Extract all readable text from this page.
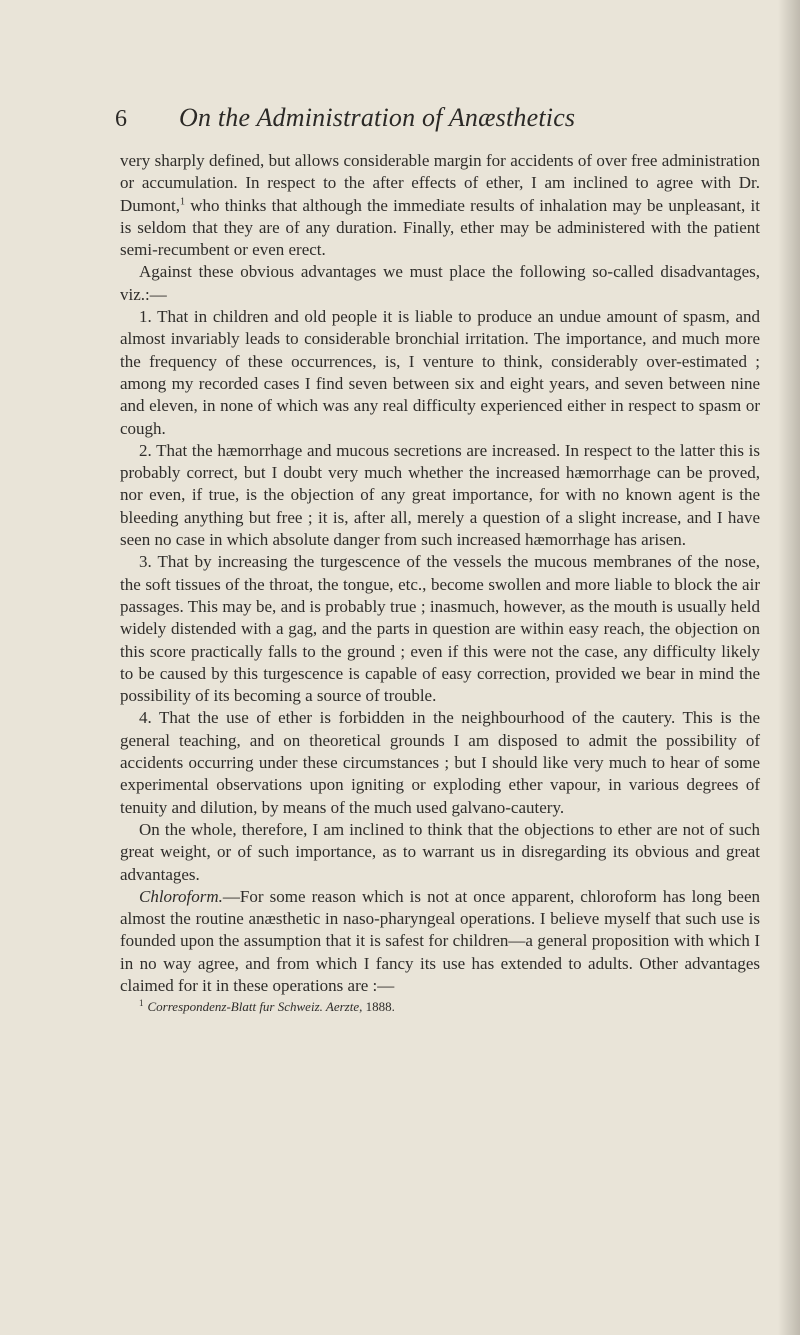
6 On the Administration of Anæsthetics

very sharply defined, but allows considerable margin for accidents of over free administration or accumulation. In respect to the after effects of ether, I am inclined to agree with Dr. Dumont,$^1$ who thinks that although the immediate results of inhalation may be unpleasant, it is seldom that they are of any duration. Finally, ether may be administered with the patient semi-recumbent or even erect.

Against these obvious advantages we must place the following so-called disadvantages, viz.:—

1. That in children and old people it is liable to produce an undue amount of spasm, and almost invariably leads to considerable bronchial irritation. The importance, and much more the frequency of these occurrences, is, I venture to think, considerably over-estimated ; among my recorded cases I find seven between six and eight years, and seven between nine and eleven, in none of which was any real difficulty experienced either in respect to spasm or cough.

2. That the hæmorrhage and mucous secretions are increased. In respect to the latter this is probably correct, but I doubt very much whether the increased hæmorrhage can be proved, nor even, if true, is the objection of any great importance, for with no known agent is the bleeding anything but free ; it is, after all, merely a question of a slight increase, and I have seen no case in which absolute danger from such increased hæmorrhage has arisen.

3. That by increasing the turgescence of the vessels the mucous membranes of the nose, the soft tissues of the throat, the tongue, etc., become swollen and more liable to block the air passages. This may be, and is probably true ; inasmuch, however, as the mouth is usually held widely distended with a gag, and the parts in question are within easy reach, the objection on this score practically falls to the ground ; even if this were not the case, any difficulty likely to be caused by this turgescence is capable of easy correction, provided we bear in mind the possibility of its becoming a source of trouble.

4. That the use of ether is forbidden in the neighbourhood of the cautery. This is the general teaching, and on theoretical grounds I am disposed to admit the possibility of accidents occurring under these circumstances ; but I should like very much to hear of some experimental observations upon igniting or exploding ether vapour, in various degrees of tenuity and dilution, by means of the much used galvano-cautery.

On the whole, therefore, I am inclined to think that the objections to ether are not of such great weight, or of such importance, as to warrant us in disregarding its obvious and great advantages.

Chloroform.—For some reason which is not at once apparent, chloroform has long been almost the routine anæsthetic in naso-pharyngeal operations. I believe myself that such use is founded upon the assumption that it is safest for children—a general proposition with which I in no way agree, and from which I fancy its use has extended to adults. Other advantages claimed for it in these operations are :—

$^1$ Correspondenz-Blatt fur Schweiz. Aerzte, 1888.
